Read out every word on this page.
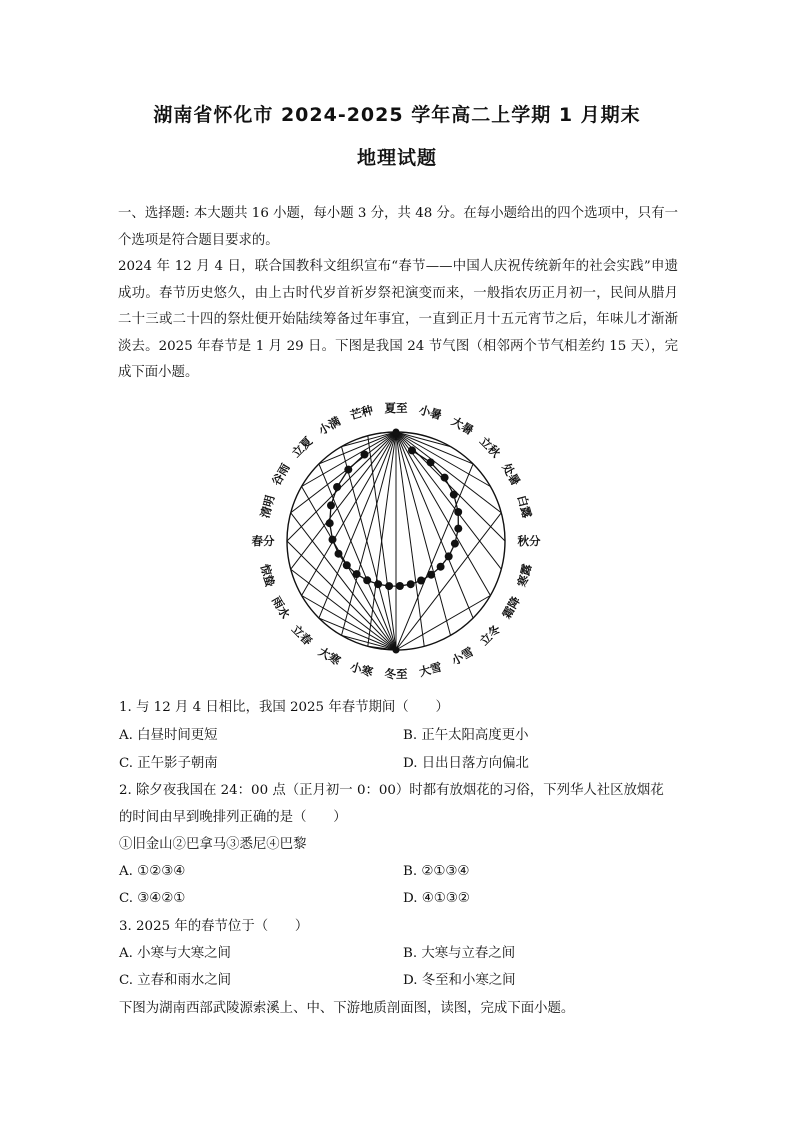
湖南省怀化市 2024-2025 学年高二上学期 1 月期末
地理试题
一、选择题: 本大题共 16 小题，每小题 3 分，共 48 分。在每小题给出的四个选项中，只有一个选项是符合题目要求的。
2024 年 12 月 4 日，联合国教科文组织宣布“春节——中国人庆祝传统新年的社会实践”申遗成功。春节历史悠久，由上古时代岁首祈岁祭祀演变而来，一般指农历正月初一，民间从腊月二十三或二十四的祭灶便开始陆续筹备过年事宜，一直到正月十五元宵节之后，年味儿才渐渐淡去。2025 年春节是 1 月 29 日。下图是我国 24 节气图（相邻两个节气相差约 15 天），完成下面小题。
夏至 小暑
大暑
立秋
处暑
白露
秋分
寒露
霜降
立冬
小雪
大雪
冬至
小寒
大寒
立春
雨水
惊蛰
春分
清明
谷雨
立夏
小满
芒种
1. 与 12 月 4 日相比，我国 2025 年春节期间（　　）
A. 白昼时间更短	B. 正午太阳高度更小
C. 正午影子朝南	D. 日出日落方向偏北
2. 除夕夜我国在 24：00 点（正月初一 0：00）时都有放烟花的习俗，下列华人社区放烟花
的时间由早到晚排列正确的是（　　）
①旧金山②巴拿马③悉尼④巴黎
A. ①②③④	B. ②①③④
C. ③④②①	D. ④①③②
3. 2025 年的春节位于（　　）
A. 小寒与大寒之间	B. 大寒与立春之间
C. 立春和雨水之间	D. 冬至和小寒之间
下图为湖南西部武陵源索溪上、中、下游地质剖面图，读图，完成下面小题。
